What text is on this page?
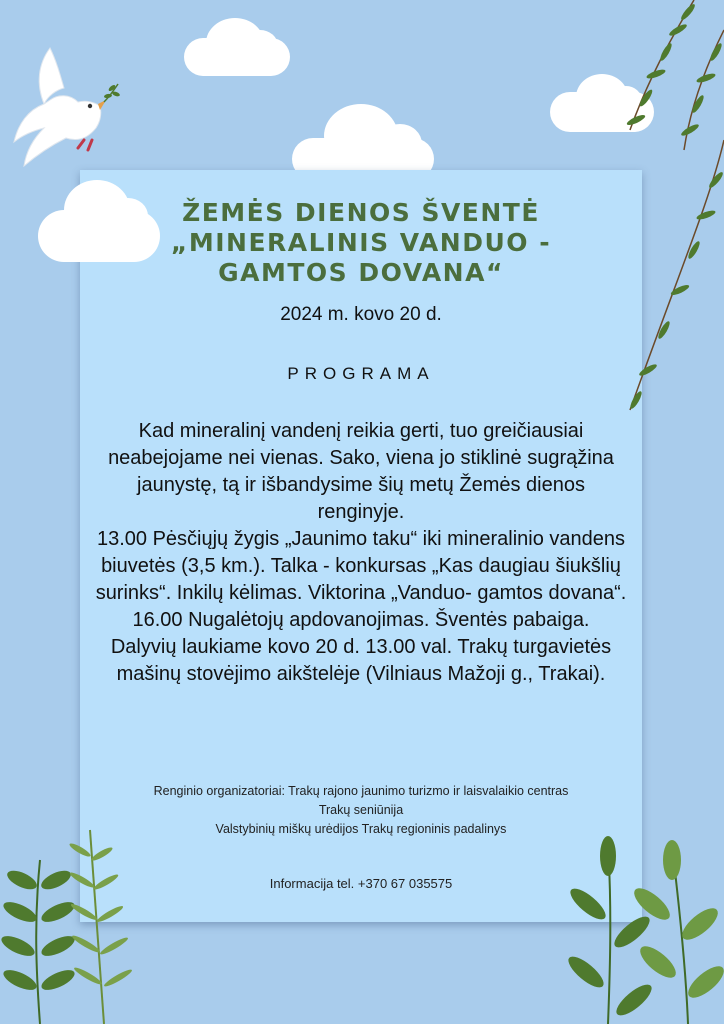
ŽEMĖS DIENOS ŠVENTĖ
„MINERALINIS VANDUO -
GAMTOS DOVANA“
2024 m. kovo 20 d.
PROGRAMA

Kad mineralinį vandenį reikia gerti, tuo greičiausiai neabejojame nei vienas. Sako, viena jo stiklinė sugrąžina jaunystę, tą ir išbandysime šių metų Žemės dienos renginyje.

13.00 Pėsčiųjų žygis „Jaunimo taku“ iki mineralinio vandens biuvetės (3,5 km.). Talka - konkursas „Kas daugiau šiukšlių surinks“. Inkilų kėlimas. Viktorina „Vanduo- gamtos dovana“.

16.00 Nugalėtojų apdovanojimas. Šventės pabaiga.

Dalyvių laukiame kovo 20 d. 13.00 val. Trakų turgavietės mašinų stovėjimo aikštelėje (Vilniaus Mažoji g., Trakai).

Renginio organizatoriai: Trakų rajono jaunimo turizmo ir laisvalaikio centras
Trakų seniūnija
Valstybinių miškų urėdijos Trakų regioninis padalinys
Informacija tel. +370 67 035575
